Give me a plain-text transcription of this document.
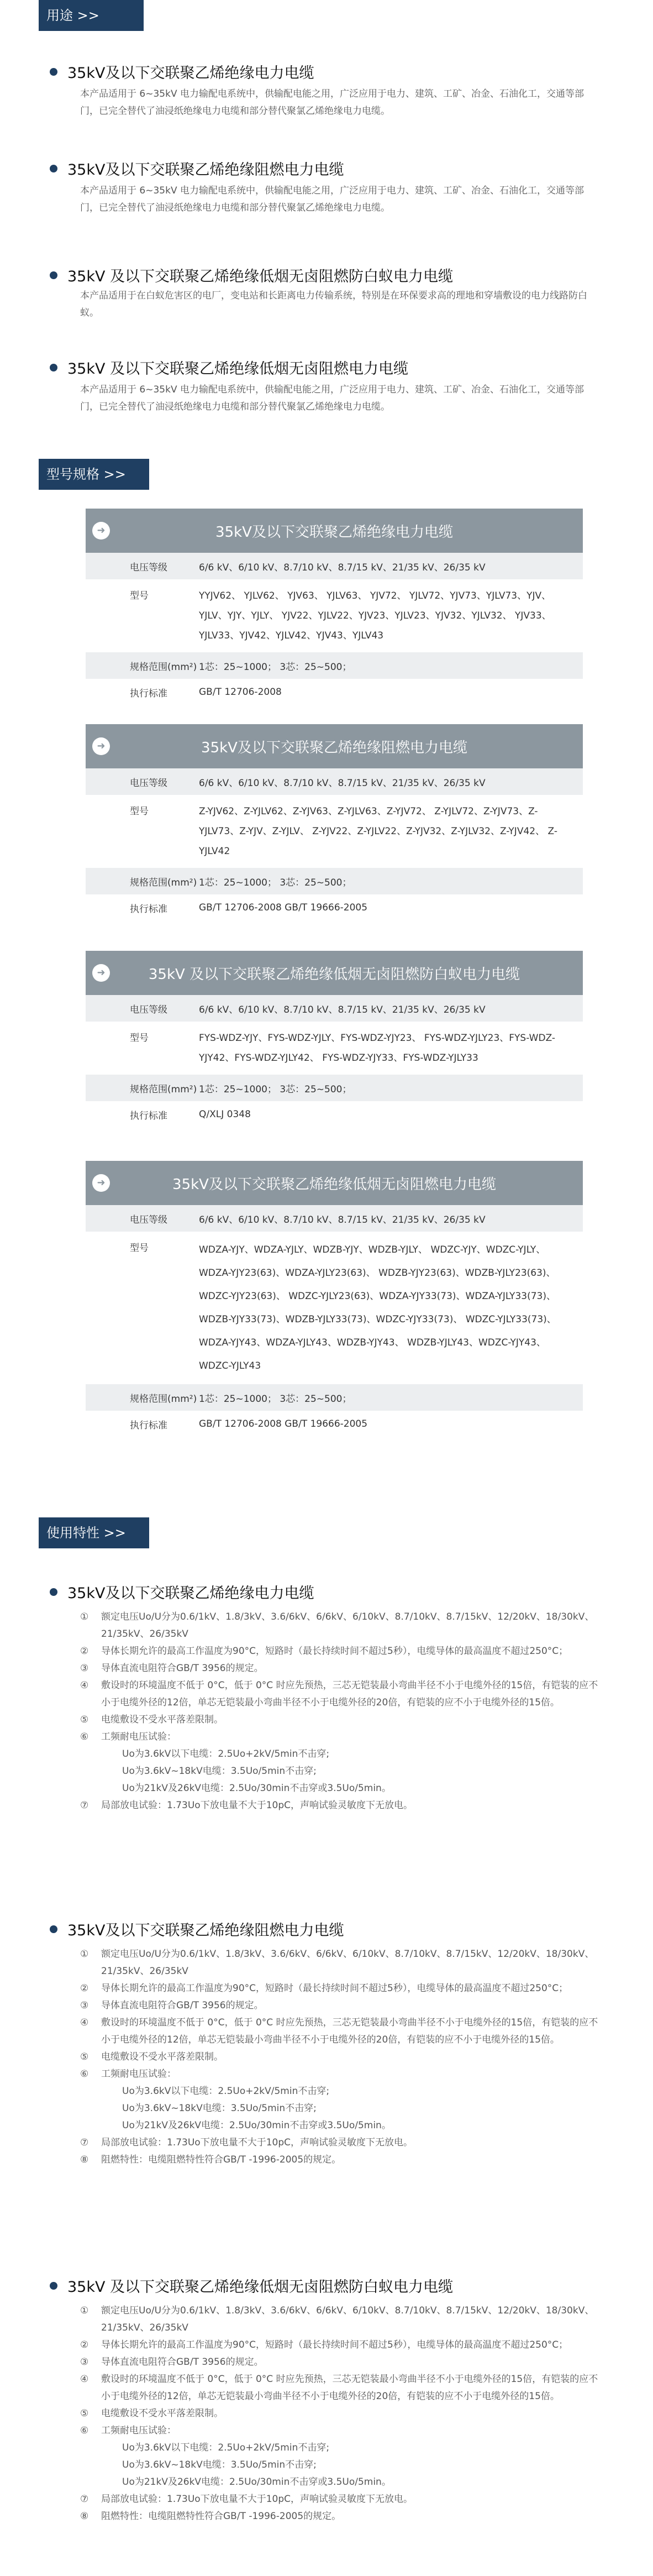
用途 >>
35kV及以下交联聚乙烯绝缘电力电缆
本产品适用于 6~35kV 电力输配电系统中，供输配电能之用，广泛应用于电力、建筑、工矿、冶金、石油化工，交通等部门，已完全替代了油浸纸绝缘电力电缆和部分替代聚氯乙烯绝缘电力电缆。
35kV及以下交联聚乙烯绝缘阻燃电力电缆
本产品适用于 6~35kV 电力输配电系统中，供输配电能之用，广泛应用于电力、建筑、工矿、冶金、石油化工，交通等部门，已完全替代了油浸纸绝缘电力电缆和部分替代聚氯乙烯绝缘电力电缆。
35kV 及以下交联聚乙烯绝缘低烟无卤阻燃防白蚁电力电缆
本产品适用于在白蚁危害区的电厂，变电站和长距离电力传输系统，特别是在环保要求高的理地和穿墙敷设的电力线路防白蚁。
35kV 及以下交联聚乙烯绝缘低烟无卤阻燃电力电缆
本产品适用于 6~35kV 电力输配电系统中，供输配电能之用，广泛应用于电力、建筑、工矿、冶金、石油化工，交通等部门，已完全替代了油浸纸绝缘电力电缆和部分替代聚氯乙烯绝缘电力电缆。
型号规格 >>
➜	35kV及以下交联聚乙烯绝缘电力电缆
电压等级	6/6 kV、6/10 kV、8.7/10 kV、8.7/15 kV、21/35 kV、26/35 kV
型号	YYJV62、 YJLV62、 YJV63、 YJLV63、 YJV72、 YJLV72、YJV73、YJLV73、YJV、YJLV、YJY、YJLY、 YJV22、YJLV22、YJV23、YJLV23、YJV32、YJLV32、 YJV33、YJLV33、YJV42、YJLV42、YJV43、YJLV43
规格范围(mm²) 1芯：25~1000； 3芯：25~500；
执行标准	GB/T 12706-2008
➜	35kV及以下交联聚乙烯绝缘阻燃电力电缆
电压等级	6/6 kV、6/10 kV、8.7/10 kV、8.7/15 kV、21/35 kV、26/35 kV
型号	Z-YJV62、Z-YJLV62、Z-YJV63、Z-YJLV63、Z-YJV72、 Z-YJLV72、Z-YJV73、Z-YJLV73、Z-YJV、Z-YJLV、 Z-YJV22、Z-YJLV22、Z-YJV32、Z-YJLV32、Z-YJV42、 Z-YJLV42
规格范围(mm²) 1芯：25~1000； 3芯：25~500；
执行标准	GB/T 12706-2008 GB/T 19666-2005
➜	35kV 及以下交联聚乙烯绝缘低烟无卤阻燃防白蚁电力电缆
电压等级	6/6 kV、6/10 kV、8.7/10 kV、8.7/15 kV、21/35 kV、26/35 kV
型号	FYS-WDZ-YJY、FYS-WDZ-YJLY、FYS-WDZ-YJY23、 FYS-WDZ-YJLY23、FYS-WDZ-YJY42、FYS-WDZ-YJLY42、 FYS-WDZ-YJY33、FYS-WDZ-YJLY33
规格范围(mm²) 1芯：25~1000； 3芯：25~500；
执行标准	Q/XLJ 0348
➜	35kV及以下交联聚乙烯绝缘低烟无卤阻燃电力电缆
电压等级	6/6 kV、6/10 kV、8.7/10 kV、8.7/15 kV、21/35 kV、26/35 kV
型号	WDZA-YJY、WDZA-YJLY、WDZB-YJY、WDZB-YJLY、 WDZC-YJY、WDZC-YJLY、WDZA-YJY23(63)、WDZA-YJLY23(63)、 WDZB-YJY23(63)、WDZB-YJLY23(63)、WDZC-YJY23(63)、 WDZC-YJLY23(63)、WDZA-YJY33(73)、WDZA-YJLY33(73)、 WDZB-YJY33(73)、WDZB-YJLY33(73)、WDZC-YJY33(73)、 WDZC-YJLY33(73)、WDZA-YJY43、WDZA-YJLY43、WDZB-YJY43、 WDZB-YJLY43、WDZC-YJY43、WDZC-YJLY43
规格范围(mm²) 1芯：25~1000； 3芯：25~500；
执行标准	GB/T 12706-2008 GB/T 19666-2005
使用特性 >>
35kV及以下交联聚乙烯绝缘电力电缆
①	额定电压Uo/U分为0.6/1kV、1.8/3kV、3.6/6kV、6/6kV、6/10kV、8.7/10kV、8.7/15kV、12/20kV、18/30kV、21/35kV、26/35kV
②	导体长期允许的最高工作温度为90°C，短路时（最长持续时间不超过5秒），电缆导体的最高温度不超过250°C；
③	导体直流电阻符合GB/T 3956的规定。
④	敷设时的环境温度不低于 0°C，低于 0°C 时应先预热，三芯无铠装最小弯曲半径不小于电缆外径的15倍，有铠装的应不小于电缆外径的12倍，单芯无铠装最小弯曲半径不小于电缆外径的20倍，有铠装的应不小于电缆外径的15倍。
⑤	电缆敷设不受水平落差限制。
⑥	工频耐电压试验：
Uo为3.6kV以下电缆：2.5Uo+2kV/5min不击穿;
Uo为3.6kV~18kV电缆：3.5Uo/5min不击穿;
Uo为21kV及26kV电缆：2.5Uo/30min不击穿或3.5Uo/5min。
⑦	局部放电试验：1.73Uo下放电量不大于10pC，声响试验灵敏度下无放电。
35kV及以下交联聚乙烯绝缘阻燃电力电缆
①	额定电压Uo/U分为0.6/1kV、1.8/3kV、3.6/6kV、6/6kV、6/10kV、8.7/10kV、8.7/15kV、12/20kV、18/30kV、21/35kV、26/35kV
②	导体长期允许的最高工作温度为90°C，短路时（最长持续时间不超过5秒），电缆导体的最高温度不超过250°C；
③	导体直流电阻符合GB/T 3956的规定。
④	敷设时的环境温度不低于 0°C，低于 0°C 时应先预热，三芯无铠装最小弯曲半径不小于电缆外径的15倍，有铠装的应不小于电缆外径的12倍，单芯无铠装最小弯曲半径不小于电缆外径的20倍，有铠装的应不小于电缆外径的15倍。
⑤	电缆敷设不受水平落差限制。
⑥	工频耐电压试验：
Uo为3.6kV以下电缆：2.5Uo+2kV/5min不击穿;
Uo为3.6kV~18kV电缆：3.5Uo/5min不击穿;
Uo为21kV及26kV电缆：2.5Uo/30min不击穿或3.5Uo/5min。
⑦	局部放电试验：1.73Uo下放电量不大于10pC，声响试验灵敏度下无放电。
⑧	阻燃特性：电缆阻燃特性符合GB/T -1996-2005的规定。
35kV 及以下交联聚乙烯绝缘低烟无卤阻燃防白蚁电力电缆
①	额定电压Uo/U分为0.6/1kV、1.8/3kV、3.6/6kV、6/6kV、6/10kV、8.7/10kV、8.7/15kV、12/20kV、18/30kV、21/35kV、26/35kV
②	导体长期允许的最高工作温度为90°C，短路时（最长持续时间不超过5秒），电缆导体的最高温度不超过250°C；
③	导体直流电阻符合GB/T 3956的规定。
④	敷设时的环境温度不低于 0°C，低于 0°C 时应先预热，三芯无铠装最小弯曲半径不小于电缆外径的15倍，有铠装的应不小于电缆外径的12倍，单芯无铠装最小弯曲半径不小于电缆外径的20倍，有铠装的应不小于电缆外径的15倍。
⑤	电缆敷设不受水平落差限制。
⑥	工频耐电压试验：
Uo为3.6kV以下电缆：2.5Uo+2kV/5min不击穿;
Uo为3.6kV~18kV电缆：3.5Uo/5min不击穿;
Uo为21kV及26kV电缆：2.5Uo/30min不击穿或3.5Uo/5min。
⑦	局部放电试验：1.73Uo下放电量不大于10pC，声响试验灵敏度下无放电。
⑧	阻燃特性：电缆阻燃特性符合GB/T -1996-2005的规定。
